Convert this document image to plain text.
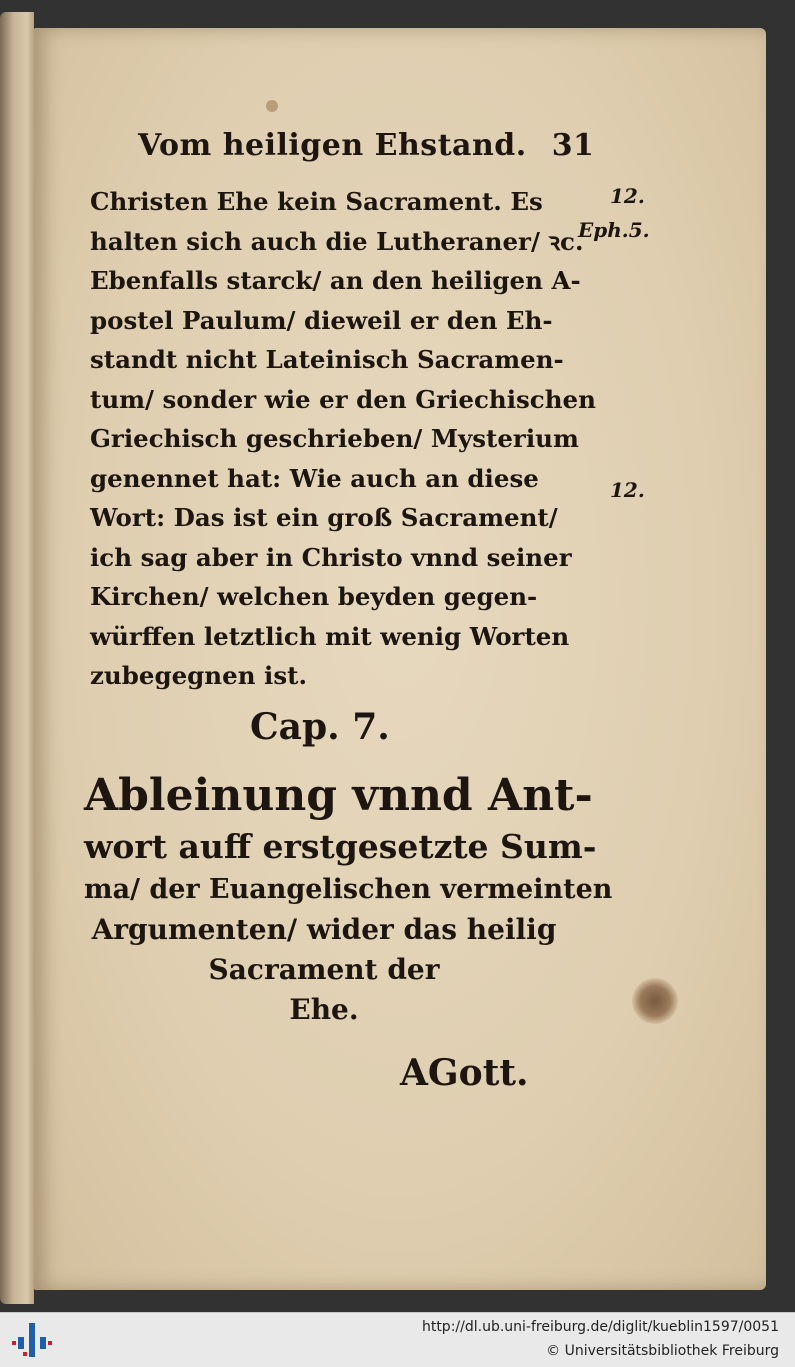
Vom heiligen Ehstand. 31
Christen Ehe kein Sacrament. Es
halten sich auch die Lutheraner/ ꝛc.
Ebenfalls starck/ an den heiligen A-
postel Paulum/ dieweil er den Eh-
standt nicht Lateinisch Sacramen-
tum/ sonder wie er den Griechischen
Griechisch geschrieben/ Mysterium
genennet hat: Wie auch an diese
Wort: Das ist ein groß Sacrament/
ich sag aber in Christo vnnd seiner
Kirchen/ welchen beyden gegen-
würffen letztlich mit wenig Worten
zubegegnen ist.
12.
Eph.5.
12.
Cap. 7.
Ableinung vnnd Ant-
wort auff erstgesetzte Sum-
ma/ der Euangelischen vermeinten
Argumenten/ wider das heilig
Sacrament der
Ehe.
AGott.
http://dl.ub.uni-freiburg.de/diglit/kueblin1597/0051
© Universitätsbibliothek Freiburg
